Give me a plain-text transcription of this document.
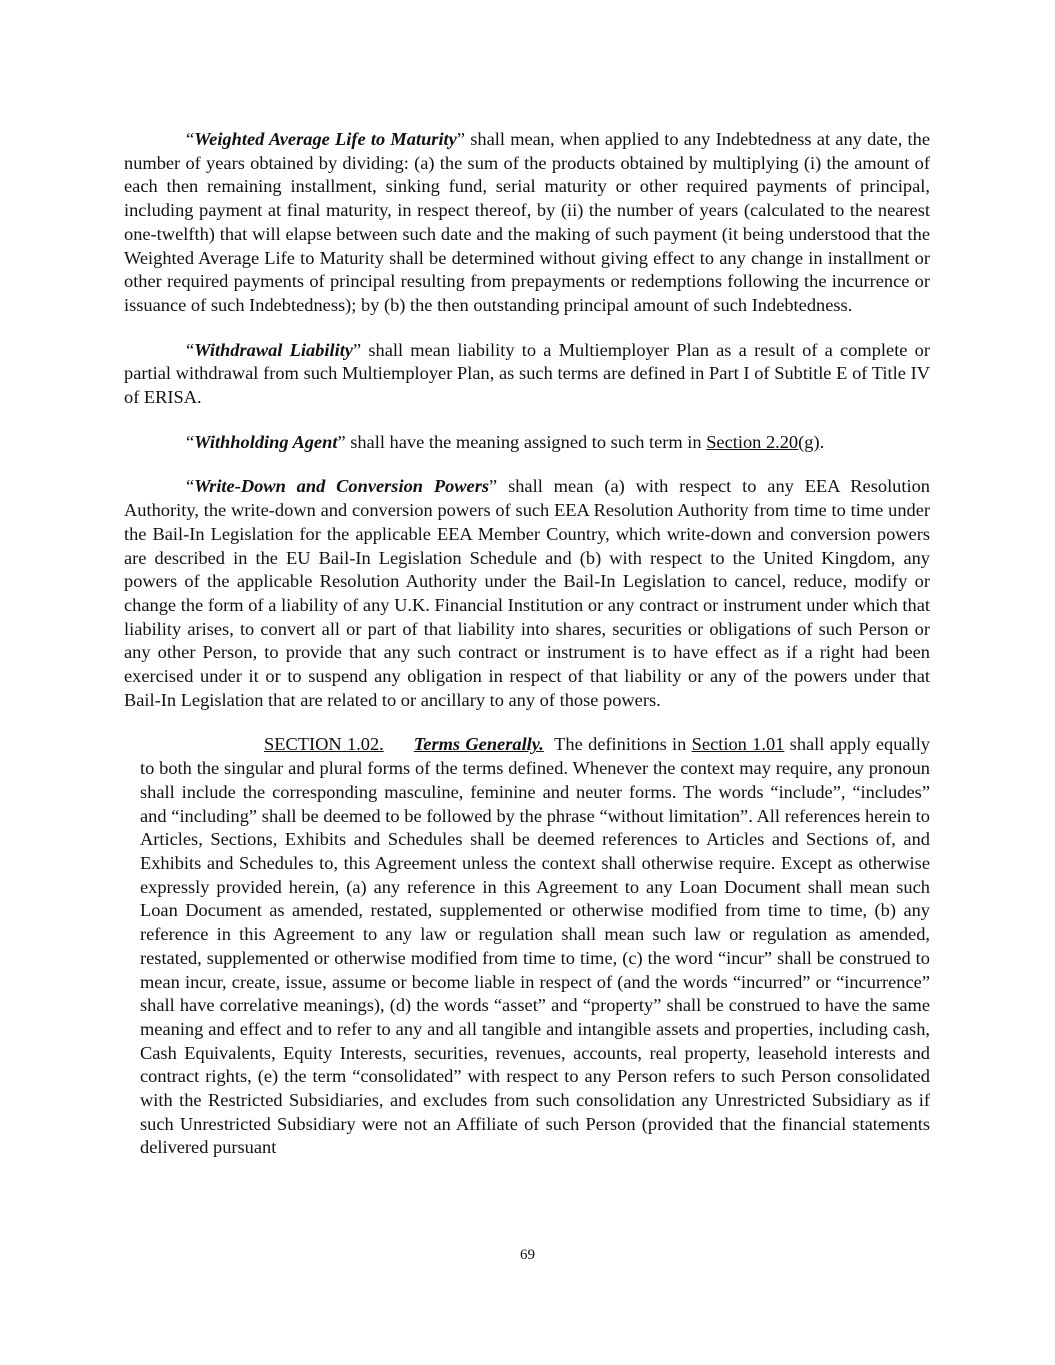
“Weighted Average Life to Maturity” shall mean, when applied to any Indebtedness at any date, the number of years obtained by dividing: (a) the sum of the products obtained by multiplying (i) the amount of each then remaining installment, sinking fund, serial maturity or other required payments of principal, including payment at final maturity, in respect thereof, by (ii) the number of years (calculated to the nearest one-twelfth) that will elapse between such date and the making of such payment (it being understood that the Weighted Average Life to Maturity shall be determined without giving effect to any change in installment or other required payments of principal resulting from prepayments or redemptions following the incurrence or issuance of such Indebtedness); by (b) the then outstanding principal amount of such Indebtedness.

“Withdrawal Liability” shall mean liability to a Multiemployer Plan as a result of a complete or partial withdrawal from such Multiemployer Plan, as such terms are defined in Part I of Subtitle E of Title IV of ERISA.

“Withholding Agent” shall have the meaning assigned to such term in Section 2.20(g).

“Write-Down and Conversion Powers” shall mean (a) with respect to any EEA Resolution Authority, the write-down and conversion powers of such EEA Resolution Authority from time to time under the Bail-In Legislation for the applicable EEA Member Country, which write-down and conversion powers are described in the EU Bail-In Legislation Schedule and (b) with respect to the United Kingdom, any powers of the applicable Resolution Authority under the Bail-In Legislation to cancel, reduce, modify or change the form of a liability of any U.K. Financial Institution or any contract or instrument under which that liability arises, to convert all or part of that liability into shares, securities or obligations of such Person or any other Person, to provide that any such contract or instrument is to have effect as if a right had been exercised under it or to suspend any obligation in respect of that liability or any of the powers under that Bail-In Legislation that are related to or ancillary to any of those powers.

SECTION 1.02. Terms Generally.  The definitions in Section 1.01 shall apply equally to both the singular and plural forms of the terms defined. Whenever the context may require, any pronoun shall include the corresponding masculine, feminine and neuter forms. The words “include”, “includes” and “including” shall be deemed to be followed by the phrase “without limitation”. All references herein to Articles, Sections, Exhibits and Schedules shall be deemed references to Articles and Sections of, and Exhibits and Schedules to, this Agreement unless the context shall otherwise require. Except as otherwise expressly provided herein, (a) any reference in this Agreement to any Loan Document shall mean such Loan Document as amended, restated, supplemented or otherwise modified from time to time, (b) any reference in this Agreement to any law or regulation shall mean such law or regulation as amended, restated, supplemented or otherwise modified from time to time, (c) the word “incur” shall be construed to mean incur, create, issue, assume or become liable in respect of (and the words “incurred” or “incurrence” shall have correlative meanings), (d) the words “asset” and “property” shall be construed to have the same meaning and effect and to refer to any and all tangible and intangible assets and properties, including cash, Cash Equivalents, Equity Interests, securities, revenues, accounts, real property, leasehold interests and contract rights, (e) the term “consolidated” with respect to any Person refers to such Person consolidated with the Restricted Subsidiaries, and excludes from such consolidation any Unrestricted Subsidiary as if such Unrestricted Subsidiary were not an Affiliate of such Person (provided that the financial statements delivered pursuant

69
